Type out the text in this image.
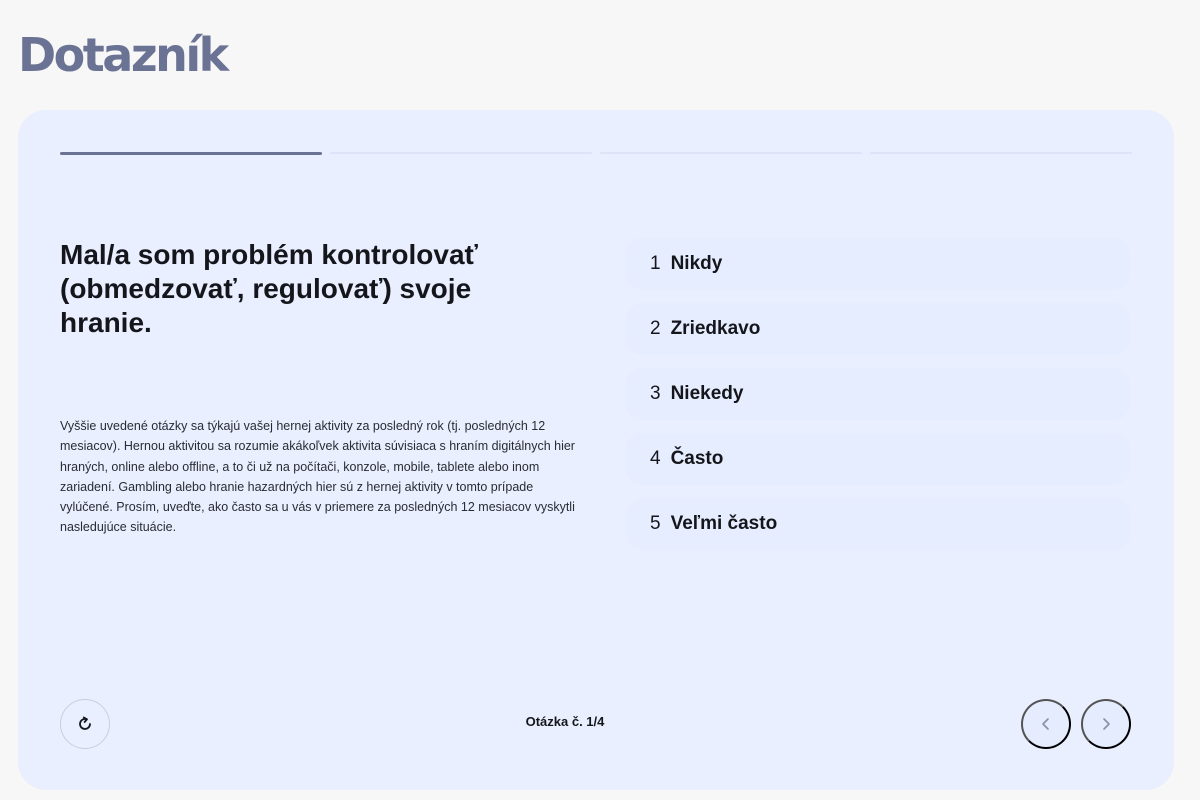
Dotazník
Mal/a som problém kontrolovať (obmedzovať, regulovať) svoje hranie.

Vyššie uvedené otázky sa týkajú vašej hernej aktivity za posledný rok (tj. posledných 12 mesiacov). Hernou aktivitou sa rozumie akákoľvek aktivita súvisiaca s hraním digitálnych hier hraných, online alebo offline, a to či už na počítači, konzole, mobile, tablete alebo inom zariadení. Gambling alebo hranie hazardných hier sú z hernej aktivity v tomto prípade vylúčené. Prosím, uveďte, ako často sa u vás v priemere za posledných 12 mesiacov vyskytli nasledujúce situácie.

1 Nikdy
2 Zriedkavo
3 Niekedy
4 Často
5 Veľmi často
Otázka č. 1/4
